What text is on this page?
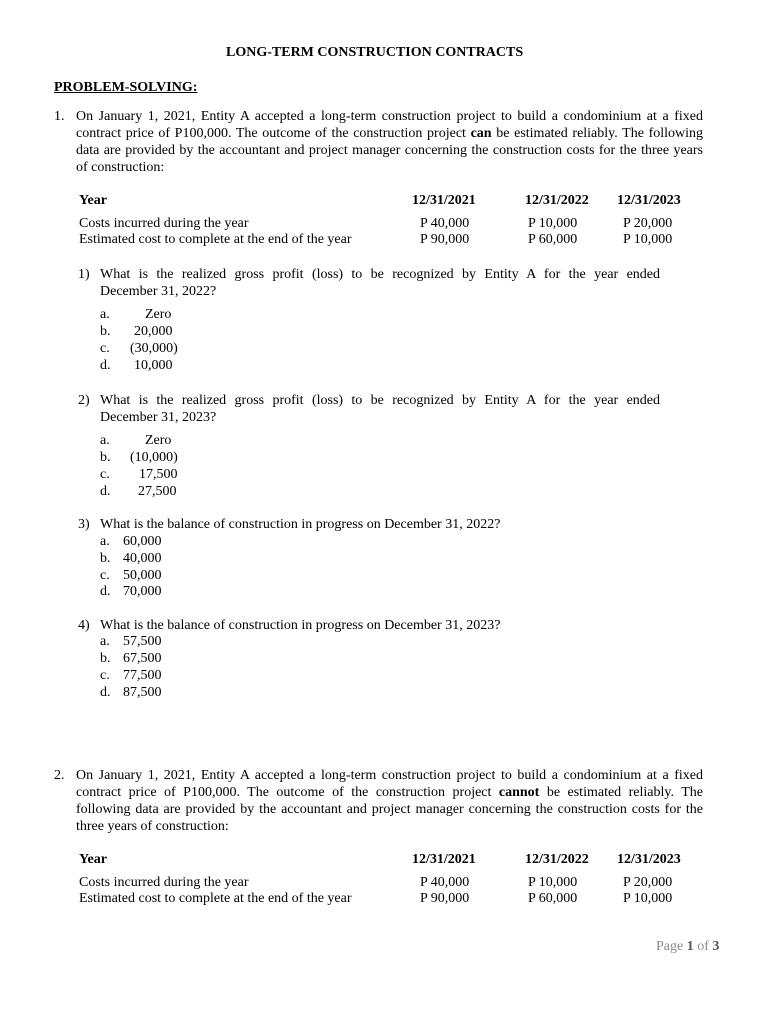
LONG-TERM CONSTRUCTION CONTRACTS
PROBLEM-SOLVING:
1. On January 1, 2021, Entity A accepted a long-term construction project to build a condominium at a fixed contract price of P100,000. The outcome of the construction project can be estimated reliably. The following data are provided by the accountant and project manager concerning the construction costs for the three years of construction:
Year	12/31/2021	12/31/2022 12/31/2023
Costs incurred during the year	P 40,000	P 10,000	P 20,000
Estimated cost to complete at the end of the year	P 90,000	P 60,000	P 10,000
1) What is the realized gross profit (loss) to be recognized by Entity A for the year ended
December 31, 2022?
a.	Zero
b. 20,000
c. (30,000)
d. 10,000
2) What is the realized gross profit (loss) to be recognized by Entity A for the year ended
December 31, 2023?
a.	Zero
b. (10,000)
c. 17,500
d. 27,500
3) What is the balance of construction in progress on December 31, 2022?
a. 60,000
b. 40,000
c. 50,000
d. 70,000
4) What is the balance of construction in progress on December 31, 2023?
a. 57,500
b. 67,500
c. 77,500
d. 87,500
2. On January 1, 2021, Entity A accepted a long-term construction project to build a condominium at a fixed contract price of P100,000. The outcome of the construction project cannot be estimated reliably. The following data are provided by the accountant and project manager concerning the construction costs for the three years of construction:
Year	12/31/2021	12/31/2022 12/31/2023
Costs incurred during the year	P 40,000	P 10,000	P 20,000
Estimated cost to complete at the end of the year	P 90,000	P 60,000	P 10,000
Page 1 of 3
